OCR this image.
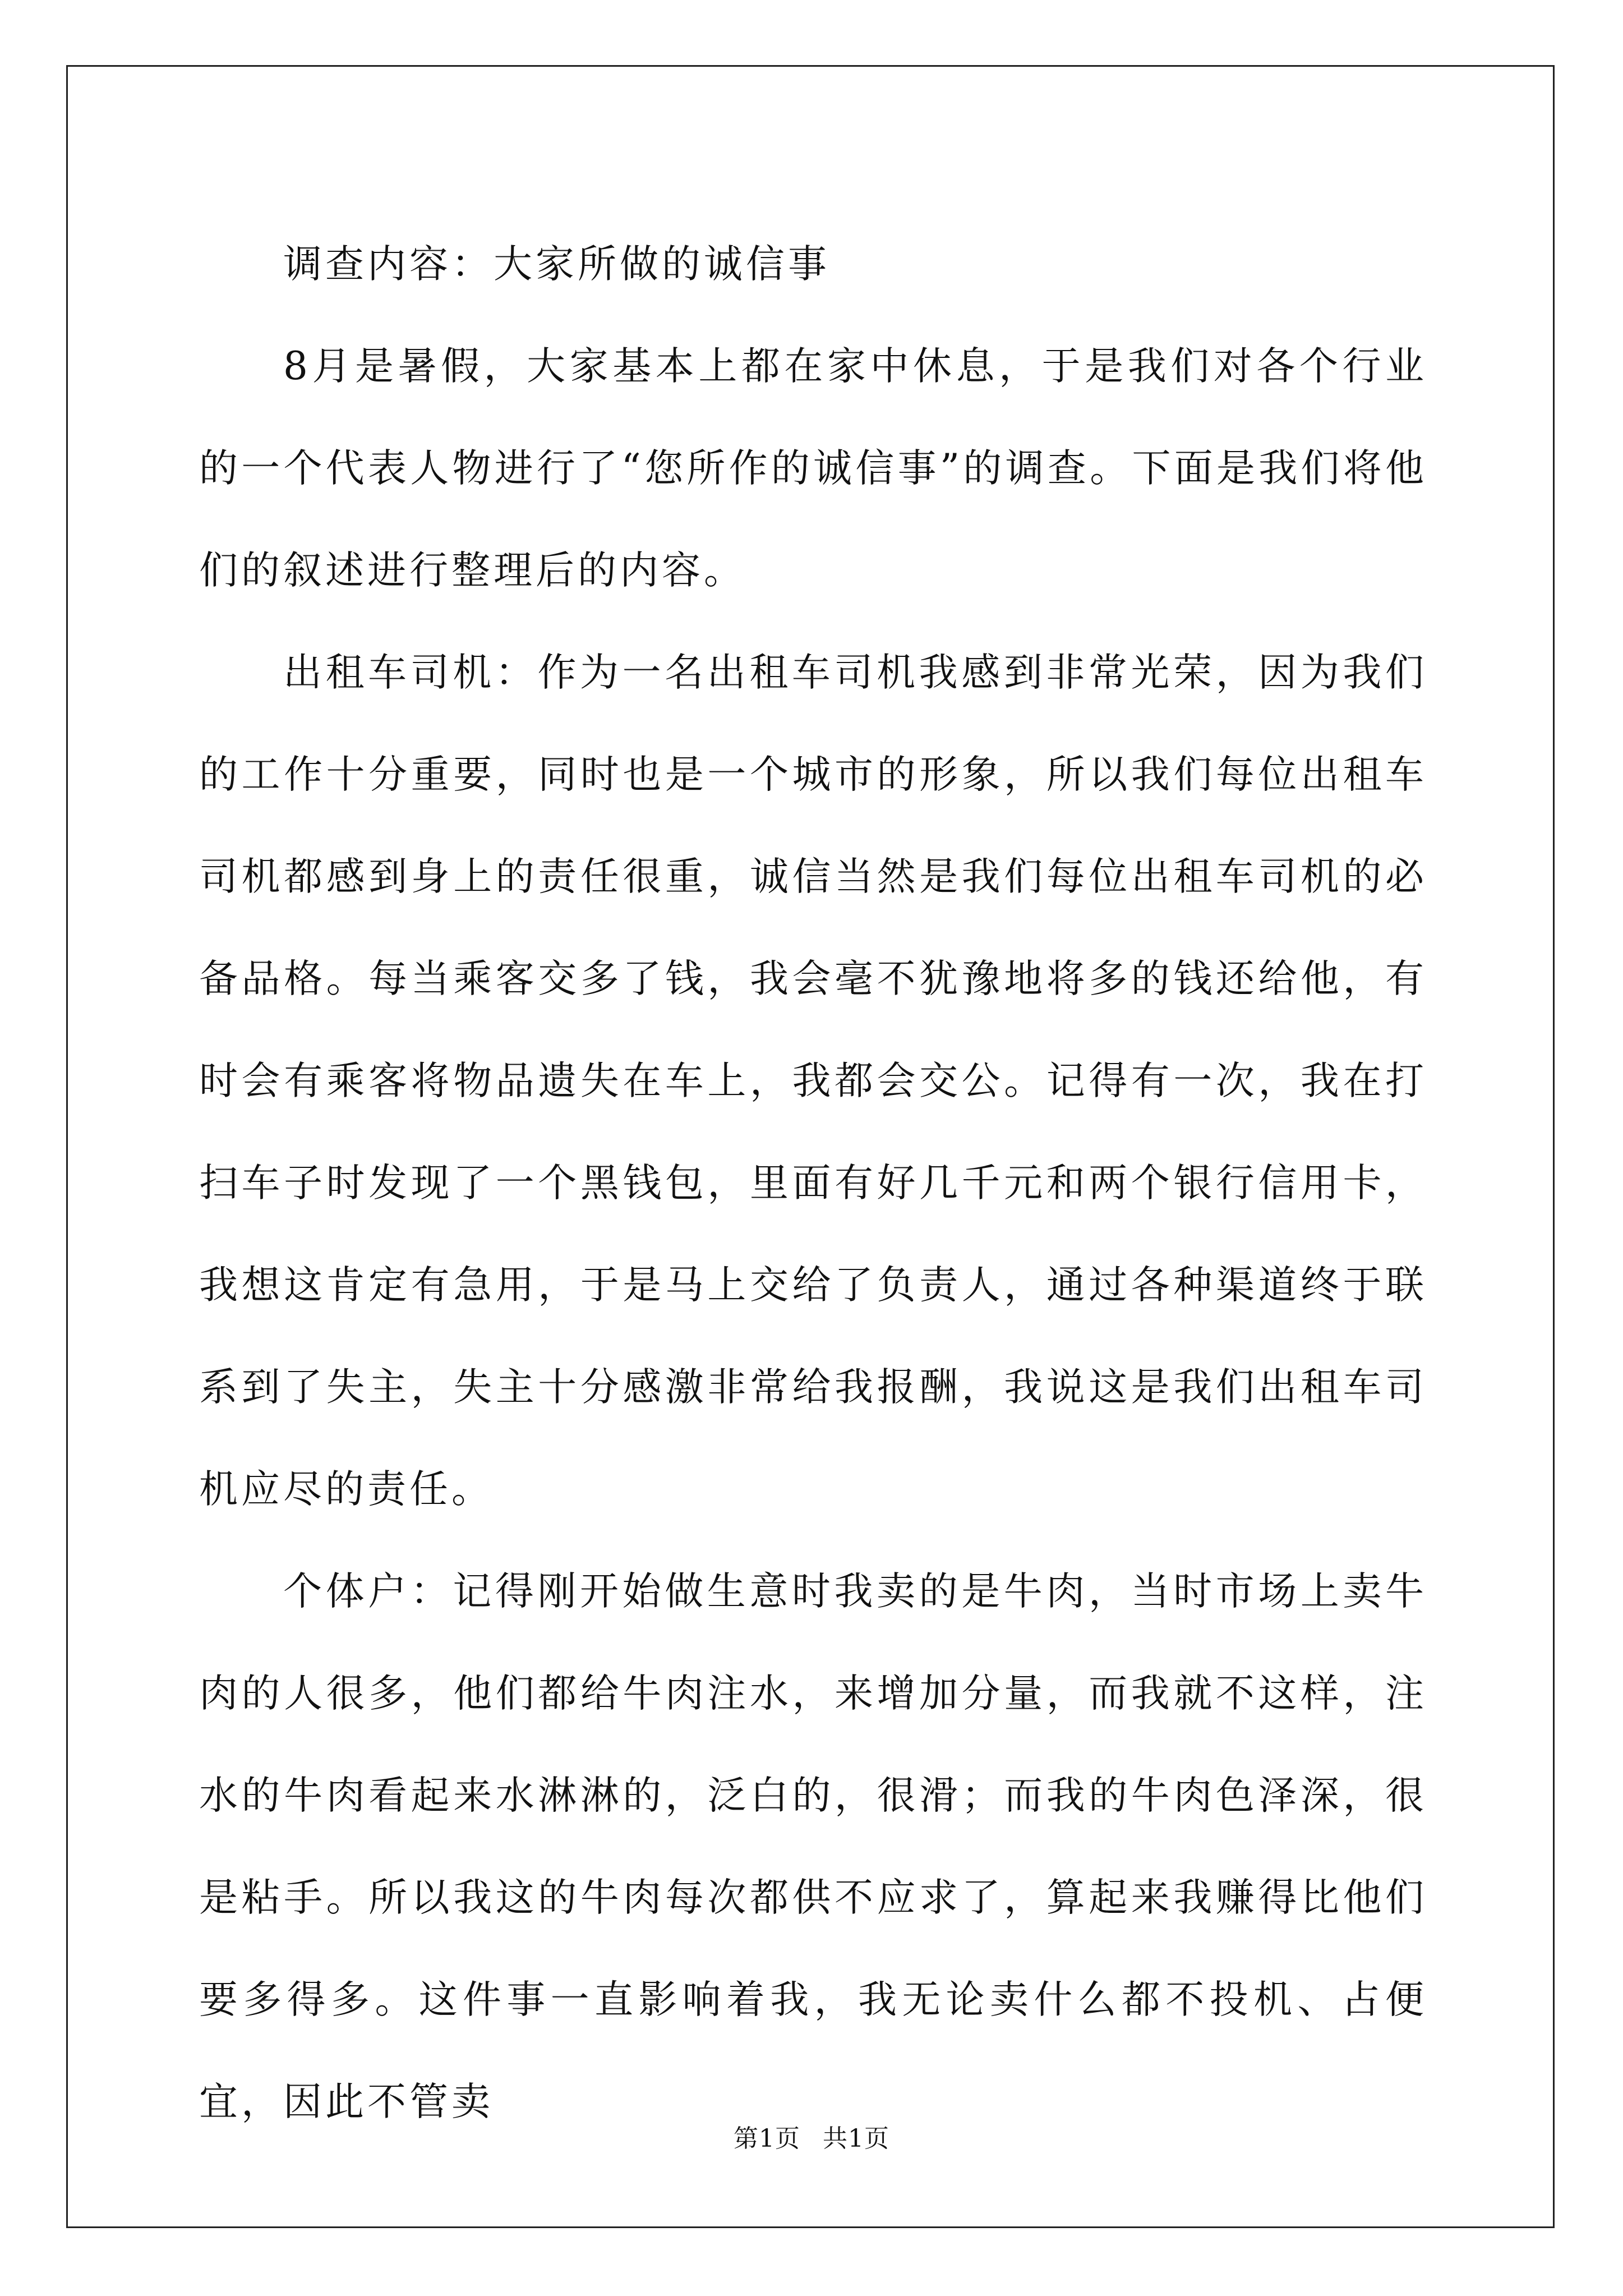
调查内容：大家所做的诚信事

8月是暑假，大家基本上都在家中休息，于是我们对各个行业的一个代表人物进行了“您所作的诚信事”的调查。下面是我们将他们的叙述进行整理后的内容。

出租车司机：作为一名出租车司机我感到非常光荣，因为我们的工作十分重要，同时也是一个城市的形象，所以我们每位出租车司机都感到身上的责任很重，诚信当然是我们每位出租车司机的必备品格。每当乘客交多了钱，我会毫不犹豫地将多的钱还给他，有时会有乘客将物品遗失在车上，我都会交公。记得有一次，我在打扫车子时发现了一个黑钱包，里面有好几千元和两个银行信用卡，我想这肯定有急用，于是马上交给了负责人，通过各种渠道终于联系到了失主，失主十分感激非常给我报酬，我说这是我们出租车司机应尽的责任。

个体户：记得刚开始做生意时我卖的是牛肉，当时市场上卖牛肉的人很多，他们都给牛肉注水，来增加分量，而我就不这样，注水的牛肉看起来水淋淋的，泛白的，很滑；而我的牛肉色泽深，很是粘手。所以我这的牛肉每次都供不应求了，算起来我赚得比他们要多得多。这件事一直影响着我，我无论卖什么都不投机、占便宜，因此不管卖

第1页 共1页
